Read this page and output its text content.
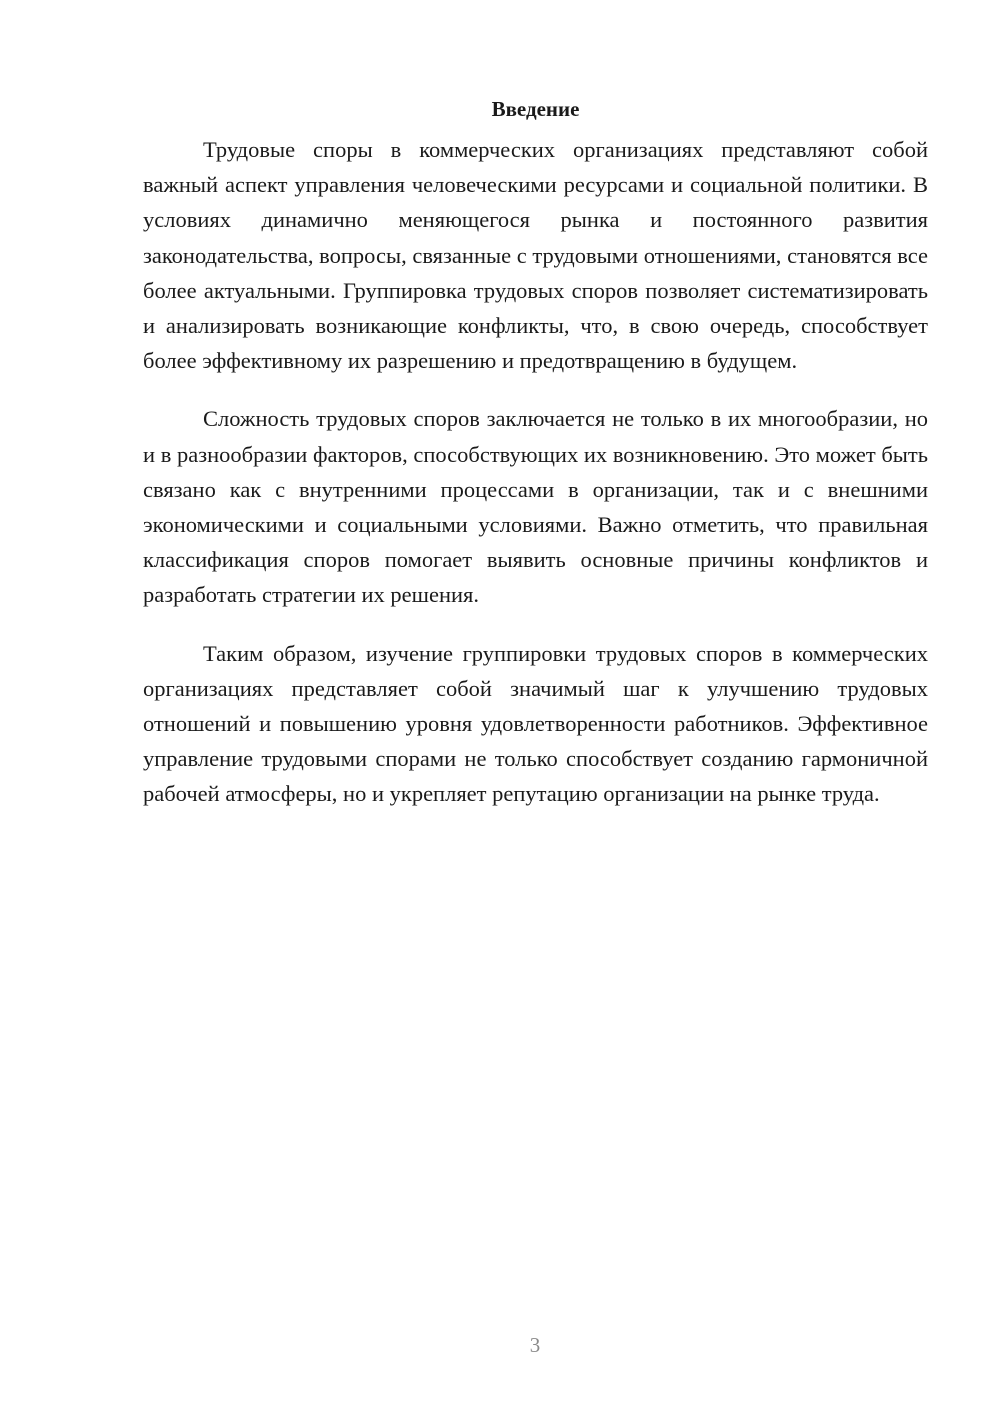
Введение

Трудовые споры в коммерческих организациях представляют собой важный аспект управления человеческими ресурсами и социальной политики. В условиях динамично меняющегося рынка и постоянного развития законодательства, вопросы, связанные с трудовыми отношениями, становятся все более актуальными. Группировка трудовых споров позволяет систематизировать и анализировать возникающие конфликты, что, в свою очередь, способствует более эффективному их разрешению и предотвращению в будущем.

Сложность трудовых споров заключается не только в их многообразии, но и в разнообразии факторов, способствующих их возникновению. Это может быть связано как с внутренними процессами в организации, так и с внешними экономическими и социальными условиями. Важно отметить, что правильная классификация споров помогает выявить основные причины конфликтов и разработать стратегии их решения.

Таким образом, изучение группировки трудовых споров в коммерческих организациях представляет собой значимый шаг к улучшению трудовых отношений и повышению уровня удовлетворенности работников. Эффективное управление трудовыми спорами не только способствует созданию гармоничной рабочей атмосферы, но и укрепляет репутацию организации на рынке труда.

3
